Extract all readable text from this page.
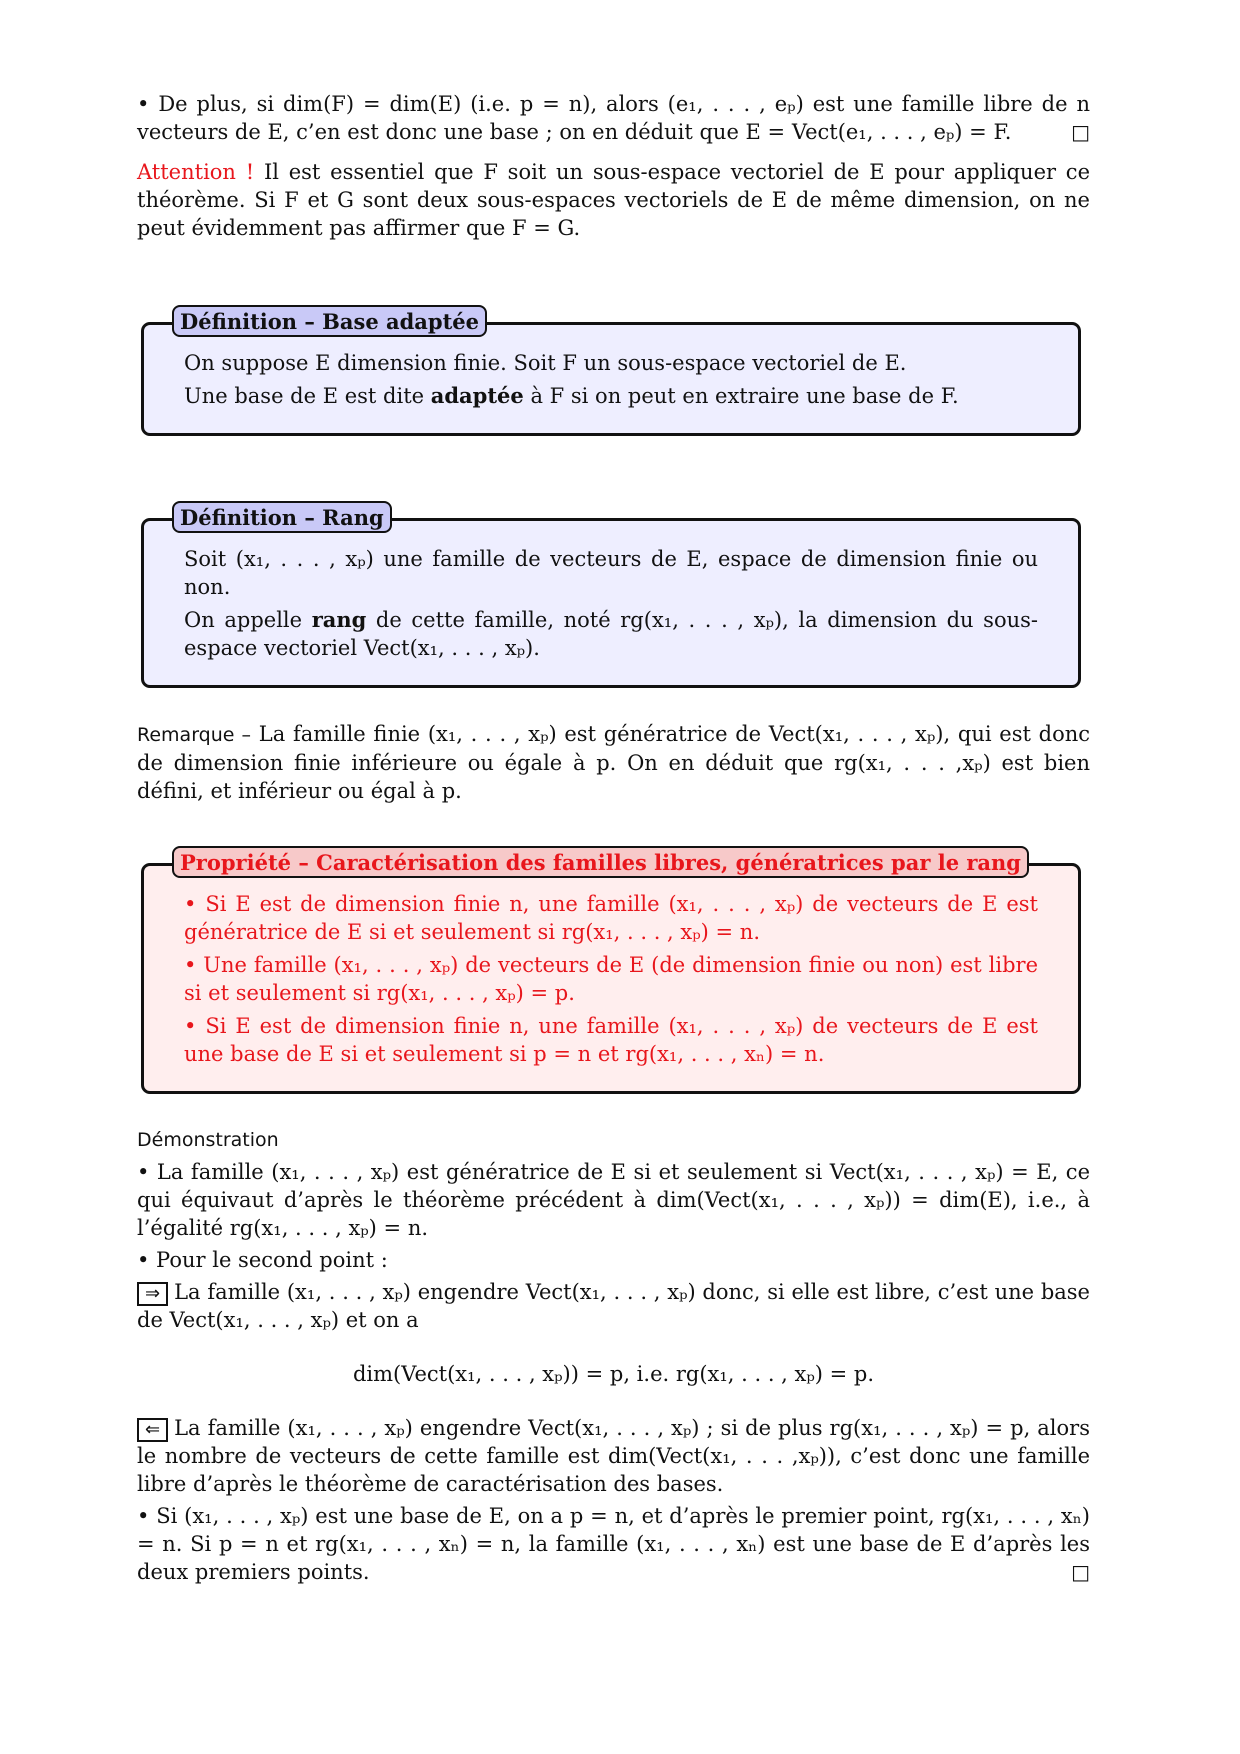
• De plus, si dim(F) = dim(E) (i.e. p = n), alors (e₁, . . . , eₚ) est une famille libre de n vecteurs de E, c’en est donc une base ; on en déduit que E = Vect(e₁, . . . , eₚ) = F.	□

Attention ! Il est essentiel que F soit un sous-espace vectoriel de E pour appliquer ce théorème. Si F et G sont deux sous-espaces vectoriels de E de même dimension, on ne peut évidemment pas affirmer que F = G.

Définition – Base adaptée

On suppose E dimension finie. Soit F un sous-espace vectoriel de E.

Une base de E est dite adaptée à F si on peut en extraire une base de F.

Définition – Rang

Soit (x₁, . . . , xₚ) une famille de vecteurs de E, espace de dimension finie ou non.

On appelle rang de cette famille, noté rg(x₁, . . . , xₚ), la dimension du sous-espace vectoriel Vect(x₁, . . . , xₚ).

Remarque – La famille finie (x₁, . . . , xₚ) est génératrice de Vect(x₁, . . . , xₚ), qui est donc de dimension finie inférieure ou égale à p. On en déduit que rg(x₁, . . . ,xₚ) est bien défini, et inférieur ou égal à p.

Propriété – Caractérisation des familles libres, génératrices par le rang

• Si E est de dimension finie n, une famille (x₁, . . . , xₚ) de vecteurs de E est génératrice de E si et seulement si rg(x₁, . . . , xₚ) = n.

• Une famille (x₁, . . . , xₚ) de vecteurs de E (de dimension finie ou non) est libre si et seulement si rg(x₁, . . . , xₚ) = p.

• Si E est de dimension finie n, une famille (x₁, . . . , xₚ) de vecteurs de E est une base de E si et seulement si p = n et rg(x₁, . . . , xₙ) = n.

Démonstration

• La famille (x₁, . . . , xₚ) est génératrice de E si et seulement si Vect(x₁, . . . , xₚ) = E, ce qui équivaut d’après le théorème précédent à dim(Vect(x₁, . . . , xₚ)) = dim(E), i.e., à l’égalité rg(x₁, . . . , xₚ) = n.

• Pour le second point :

⇒ La famille (x₁, . . . , xₚ) engendre Vect(x₁, . . . , xₚ) donc, si elle est libre, c’est une base de Vect(x₁, . . . , xₚ) et on a

dim(Vect(x₁, . . . , xₚ)) = p, i.e. rg(x₁, . . . , xₚ) = p.

⇐ La famille (x₁, . . . , xₚ) engendre Vect(x₁, . . . , xₚ) ; si de plus rg(x₁, . . . , xₚ) = p, alors le nombre de vecteurs de cette famille est dim(Vect(x₁, . . . ,xₚ)), c’est donc une famille libre d’après le théorème de caractérisation des bases.

• Si (x₁, . . . , xₚ) est une base de E, on a p = n, et d’après le premier point, rg(x₁, . . . , xₙ) = n. Si p = n et rg(x₁, . . . , xₙ) = n, la famille (x₁, . . . , xₙ) est une base de E d’après les deux premiers points.	□
